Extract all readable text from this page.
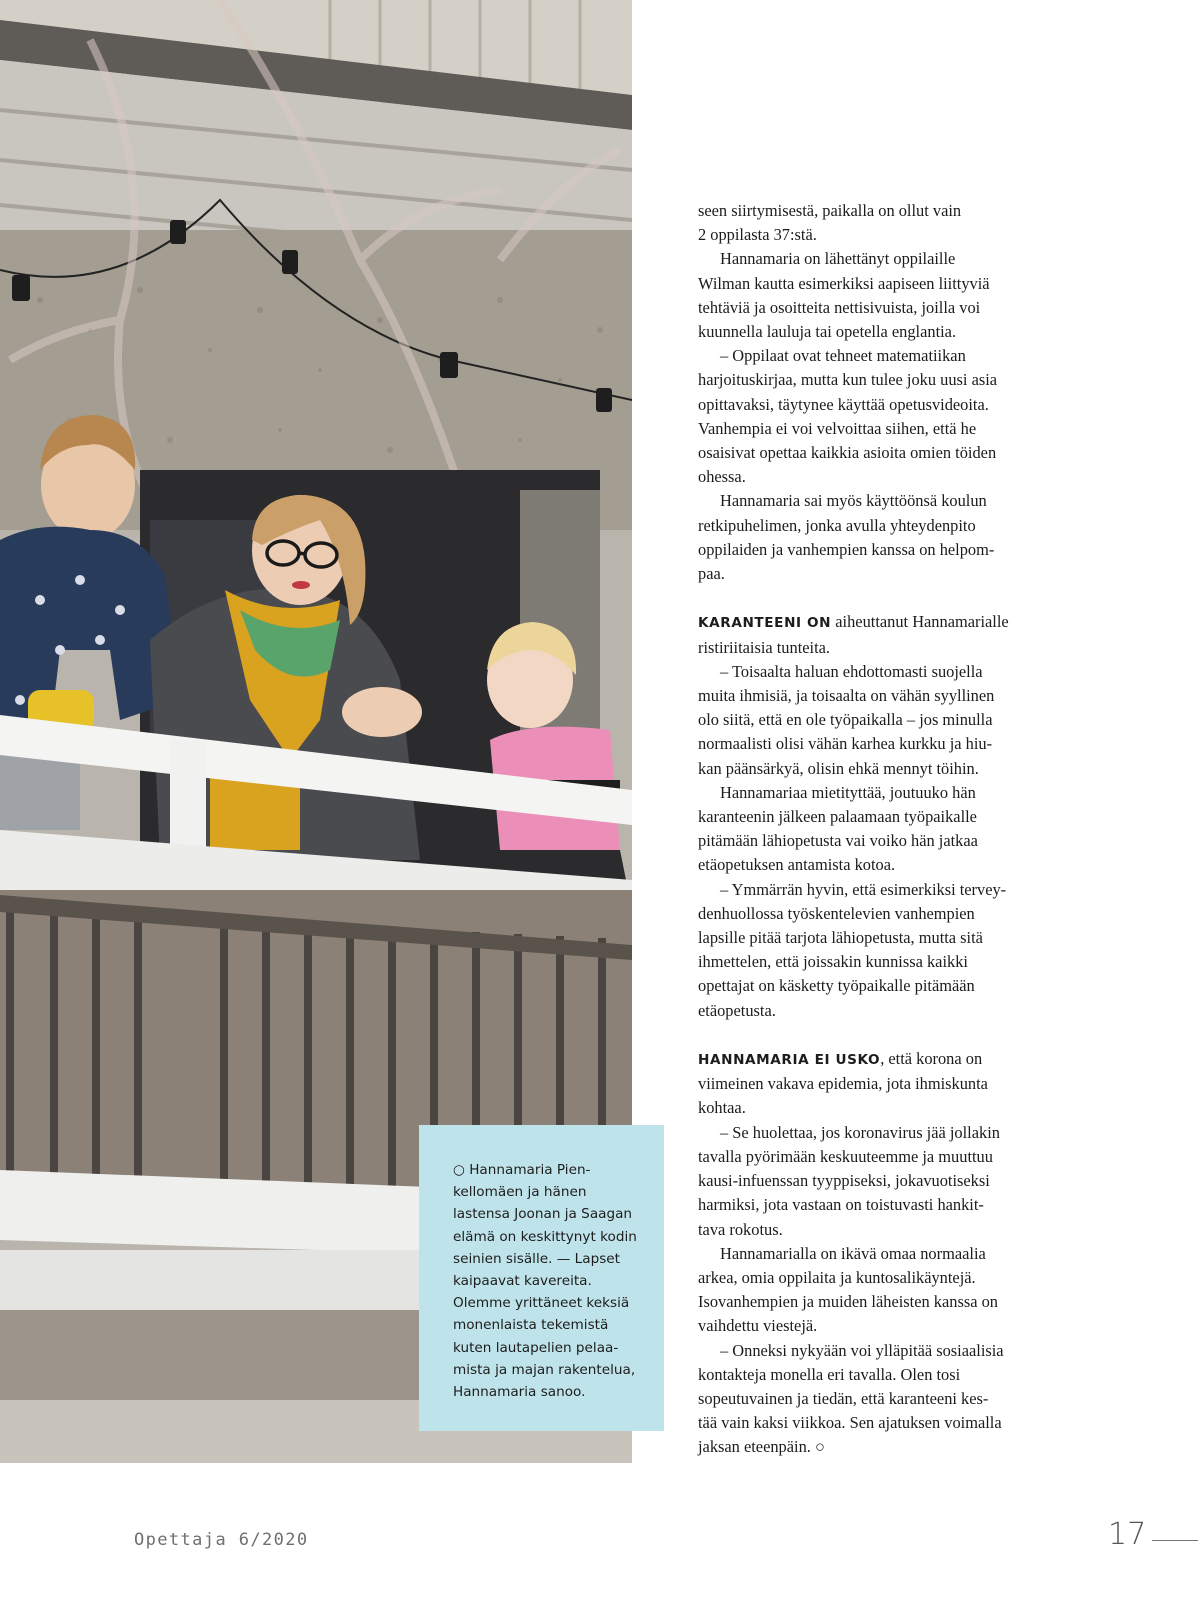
○ Hannamaria Pien-
kellomäen ja hänen
lastensa Joonan ja Saagan
elämä on keskittynyt kodin
seinien sisälle. — Lapset
kaipaavat kavereita.
Olemme yrittäneet keksiä
monenlaista tekemistä
kuten lautapelien pelaa-
mista ja majan rakentelua,
Hannamaria sanoo.

seen siirtymisestä, paikalla on ollut vain
2 oppilasta 37:stä.

Hannamaria on lähettänyt oppilaille
Wilman kautta esimerkiksi aapiseen liittyviä
tehtäviä ja osoitteita nettisivuista, joilla voi
kuunnella lauluja tai opetella englantia.

– Oppilaat ovat tehneet matematiikan
harjoituskirjaa, mutta kun tulee joku uusi asia
opittavaksi, täytynee käyttää opetusvideoita.
Vanhempia ei voi velvoittaa siihen, että he
osaisivat opettaa kaikkia asioita omien töiden
ohessa.

Hannamaria sai myös käyttöönsä koulun
retkipuhelimen, jonka avulla yhteydenpito
oppilaiden ja vanhempien kanssa on helpom-
paa.

KARANTEENI ON aiheuttanut Hannamarialle
ristiriitaisia tunteita.

– Toisaalta haluan ehdottomasti suojella
muita ihmisiä, ja toisaalta on vähän syyllinen
olo siitä, että en ole työpaikalla – jos minulla
normaalisti olisi vähän karhea kurkku ja hiu-
kan päänsärkyä, olisin ehkä mennyt töihin.

Hannamariaa mietityttää, joutuuko hän
karanteenin jälkeen palaamaan työpaikalle
pitämään lähiopetusta vai voiko hän jatkaa
etäopetuksen antamista kotoa.

– Ymmärrän hyvin, että esimerkiksi tervey-
denhuollossa työskentelevien vanhempien
lapsille pitää tarjota lähiopetusta, mutta sitä
ihmettelen, että joissakin kunnissa kaikki
opettajat on käsketty työpaikalle pitämään
etäopetusta.

HANNAMARIA EI USKO, että korona on
viimeinen vakava epidemia, jota ihmiskunta
kohtaa.

– Se huolettaa, jos koronavirus jää jollakin
tavalla pyörimään keskuuteemme ja muuttuu
kausi-infuenssan tyyppiseksi, jokavuotiseksi
harmiksi, jota vastaan on toistuvasti hankit-
tava rokotus.

Hannamarialla on ikävä omaa normaalia
arkea, omia oppilaita ja kuntosalikäyntejä.
Isovanhempien ja muiden läheisten kanssa on
vaihdettu viestejä.

– Onneksi nykyään voi ylläpitää sosiaalisia
kontakteja monella eri tavalla. Olen tosi
sopeutuvainen ja tiedän, että karanteeni kes-
tää vain kaksi viikkoa. Sen ajatuksen voimalla
jaksan eteenpäin. ○

Opettaja 6/2020	17
